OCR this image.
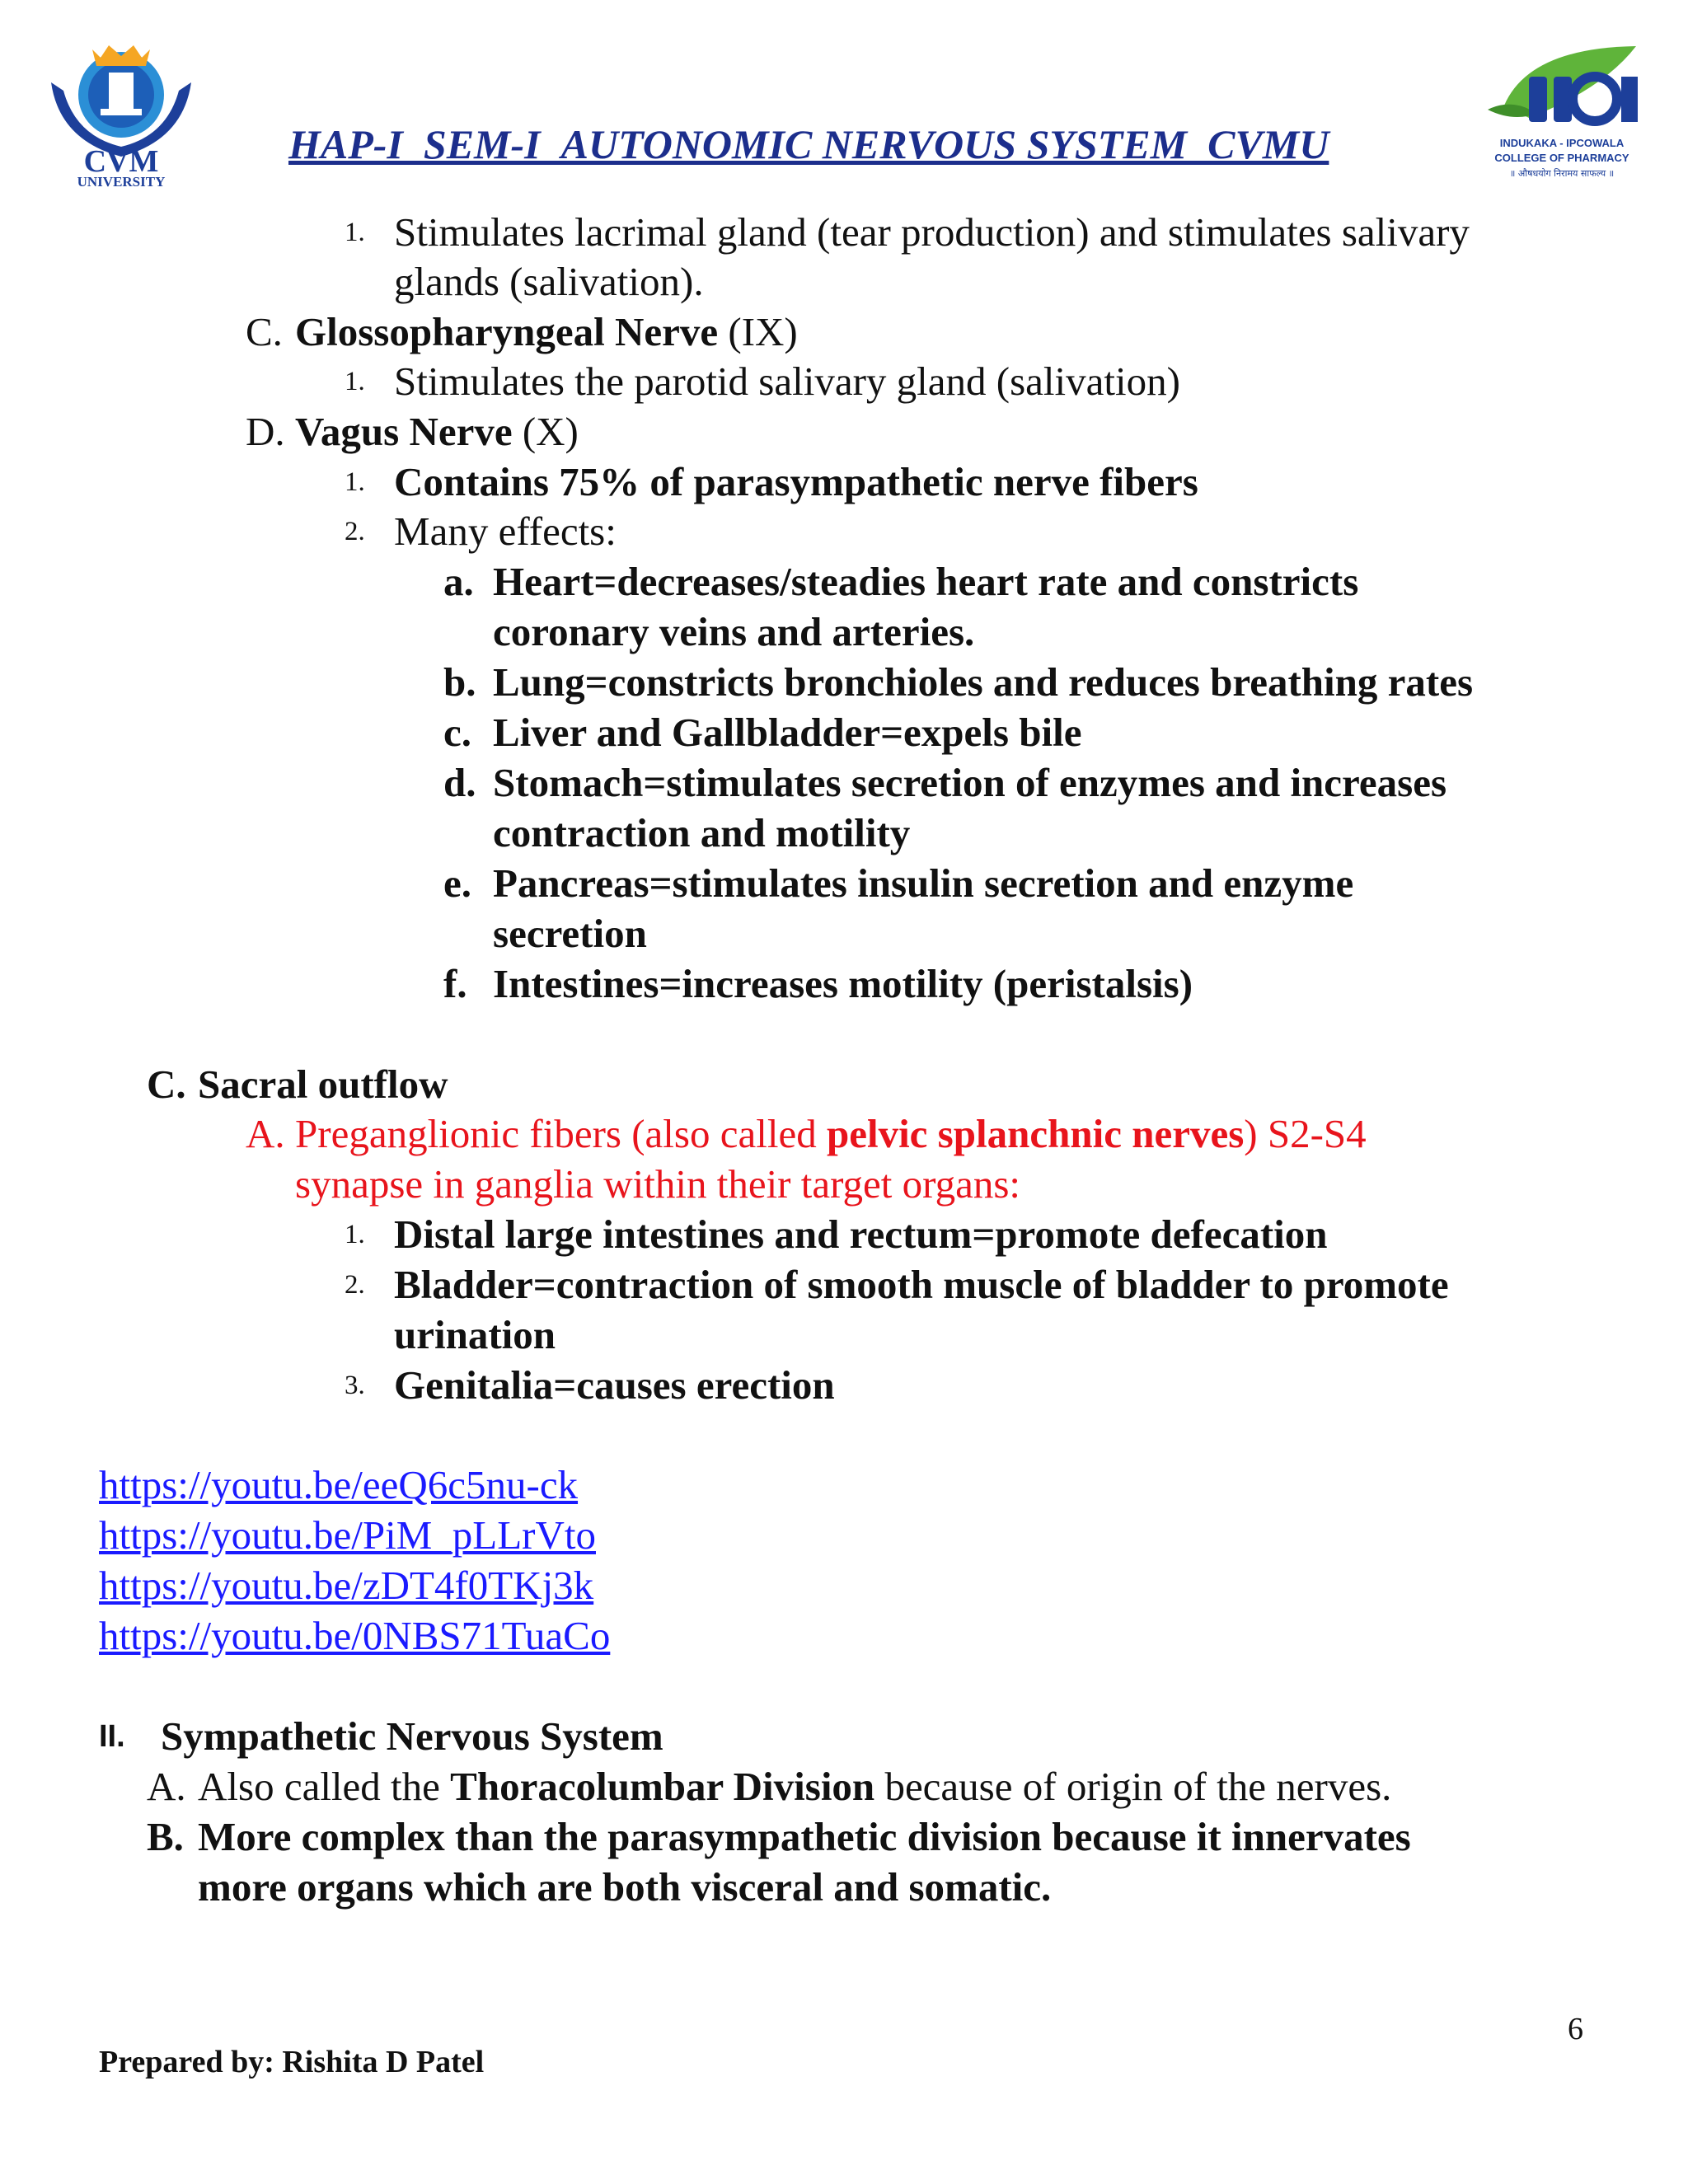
CVM
UNIVERSITY
INDUKAKA - IPCOWALA
COLLEGE OF PHARMACY
॥ औषधयोग निरामय साफल्य ॥
HAP-I_SEM-I_AUTONOMIC NERVOUS SYSTEM_CVMU
1. Stimulates lacrimal gland (tear production) and stimulates salivary
glands (salivation).
C. Glossopharyngeal Nerve (IX)
1. Stimulates the parotid salivary gland (salivation)
D. Vagus Nerve (X)
1. Contains 75% of parasympathetic nerve fibers
2. Many effects:
a. Heart=decreases/steadies heart rate and constricts
coronary veins and arteries.
b. Lung=constricts bronchioles and reduces breathing rates
c. Liver and Gallbladder=expels bile
d. Stomach=stimulates secretion of enzymes and increases
contraction and motility
e. Pancreas=stimulates insulin secretion and enzyme
secretion
f. Intestines=increases motility (peristalsis)
C. Sacral outflow
A. Preganglionic fibers (also called pelvic splanchnic nerves) S2-S4
synapse in ganglia within their target organs:
1. Distal large intestines and rectum=promote defecation
2. Bladder=contraction of smooth muscle of bladder to promote
urination
3. Genitalia=causes erection
https://youtu.be/eeQ6c5nu-ck
https://youtu.be/PiM_pLLrVto
https://youtu.be/zDT4f0TKj3k
https://youtu.be/0NBS71TuaCo
II. Sympathetic Nervous System
A. Also called the Thoracolumbar Division because of origin of the nerves.
B. More complex than the parasympathetic division because it innervates
more organs which are both visceral and somatic.
6
Prepared by: Rishita D Patel
